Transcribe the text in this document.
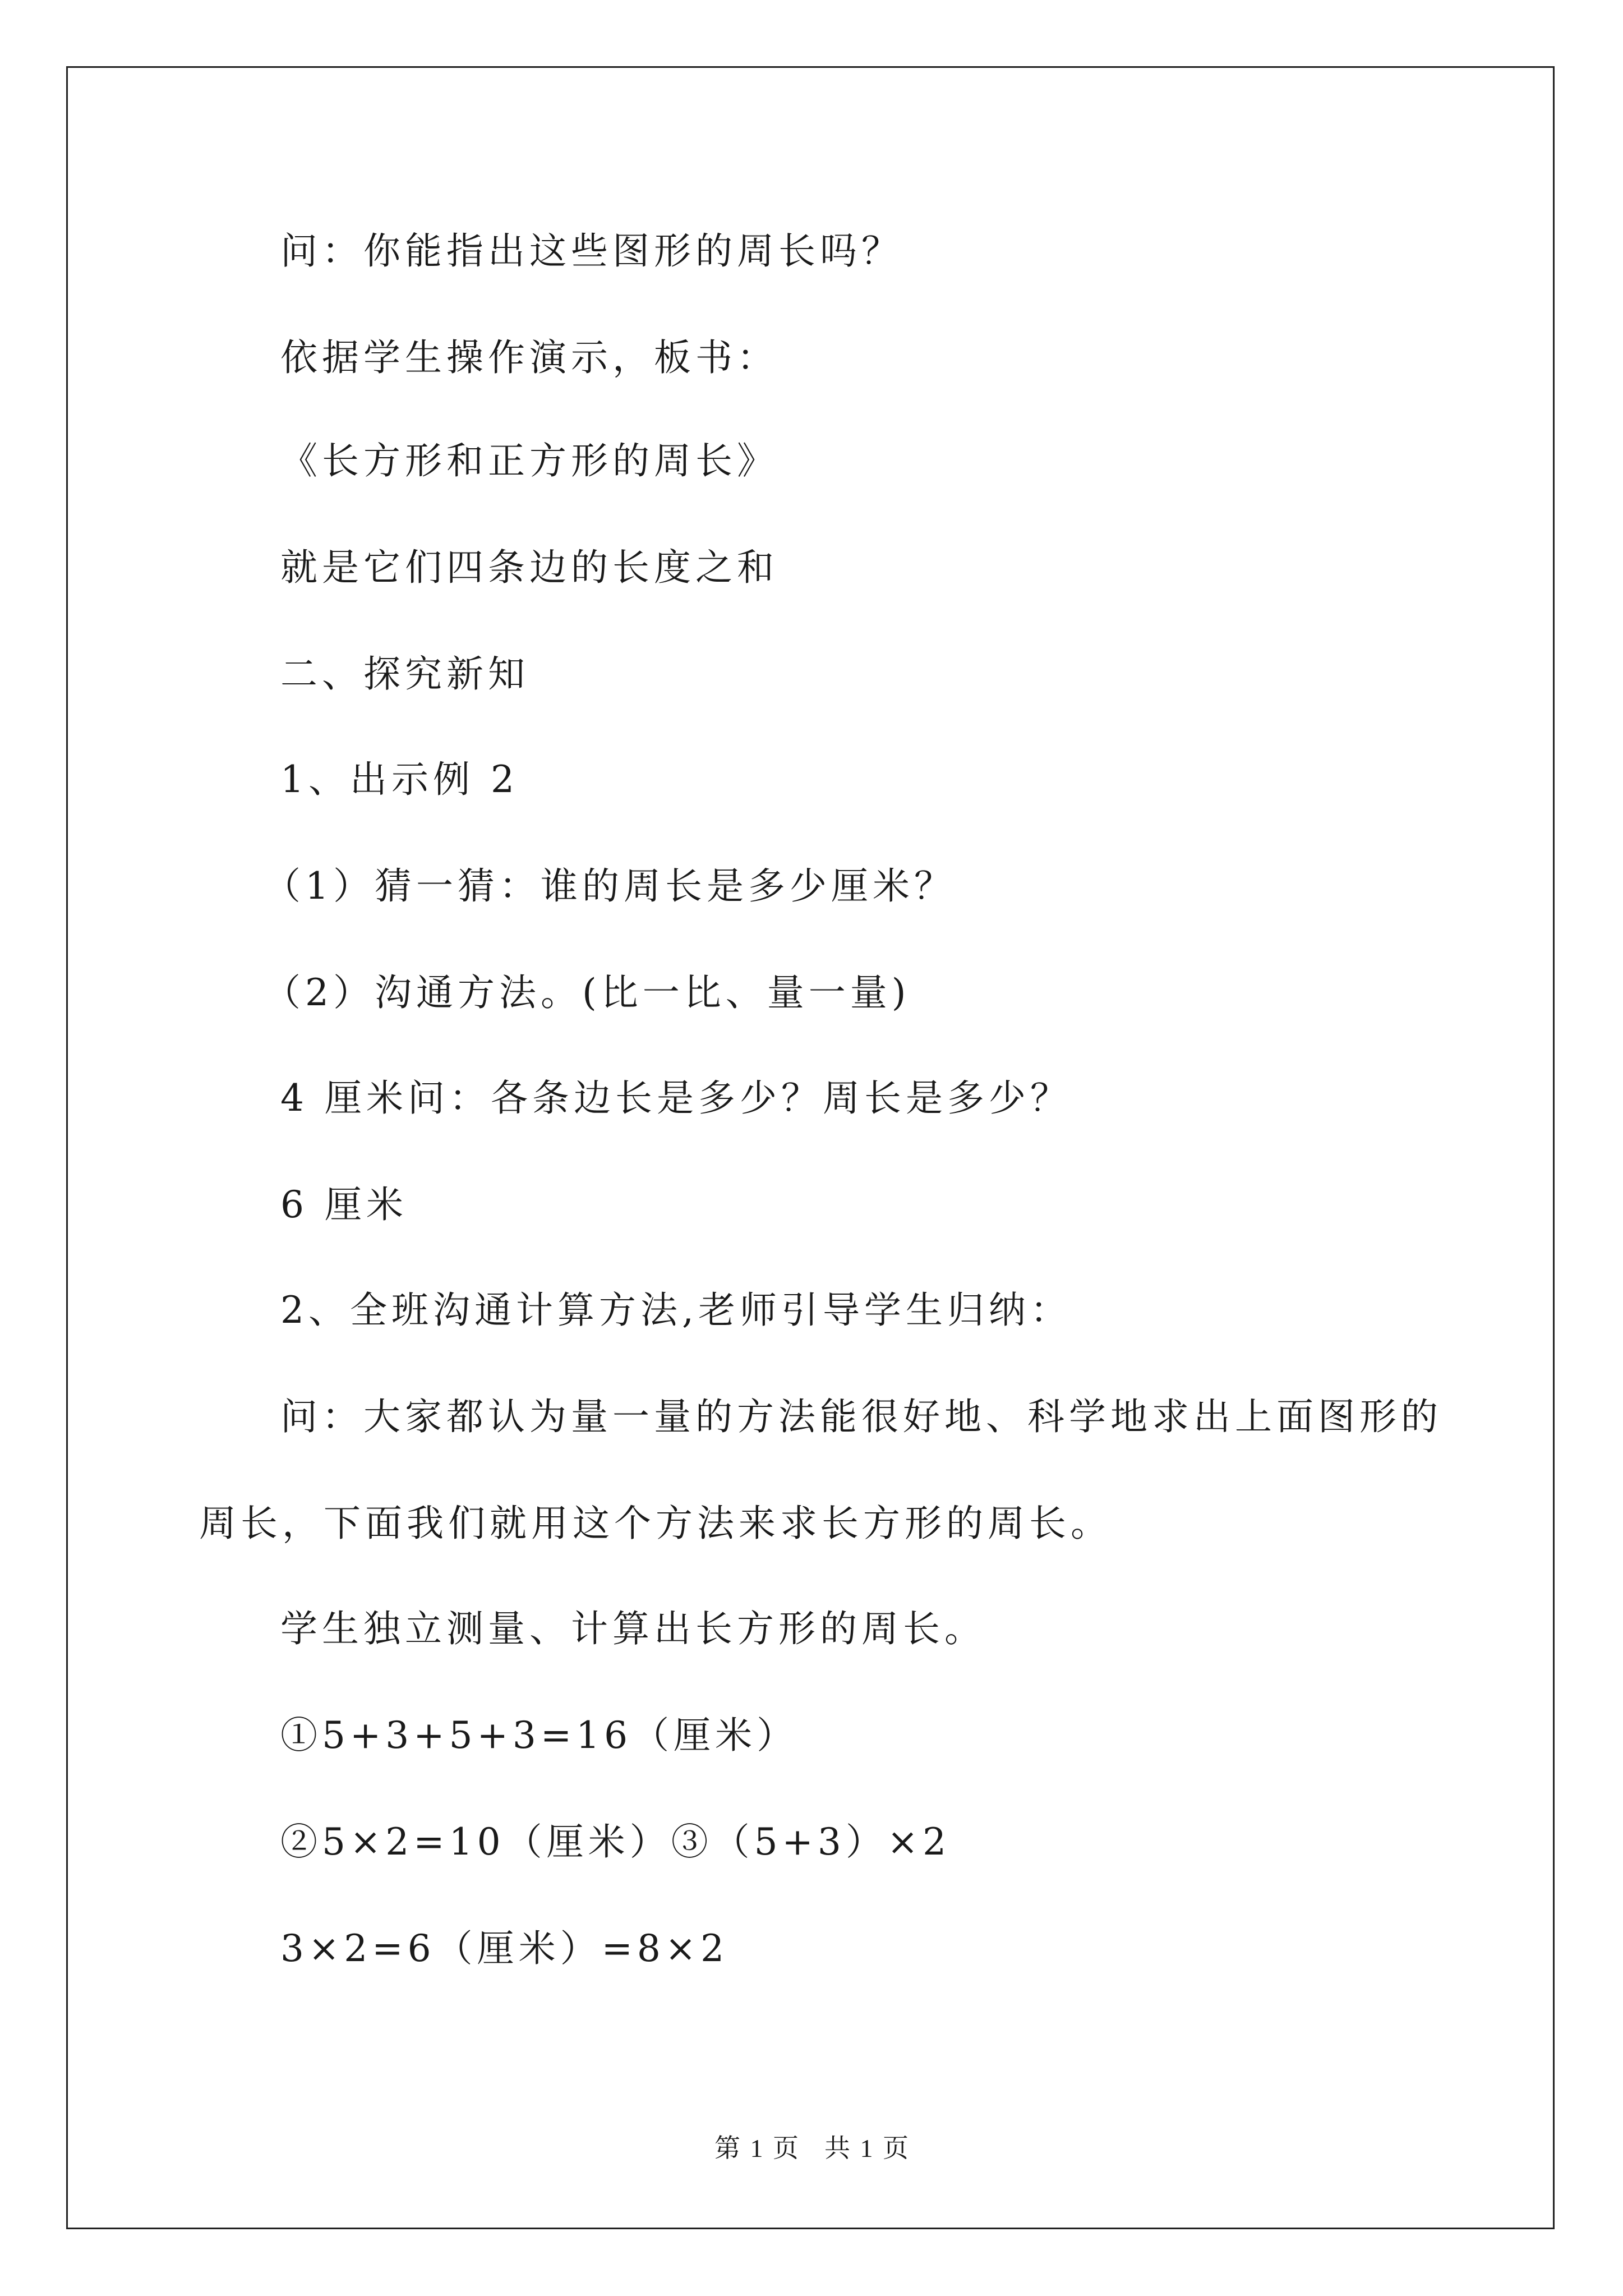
问：你能指出这些图形的周长吗？
依据学生操作演示，板书：
《长方形和正方形的周长》
就是它们四条边的长度之和
二、探究新知
1、出示例 2
（1）猜一猜：谁的周长是多少厘米？
（2）沟通方法。(比一比、量一量)
4 厘米问：各条边长是多少？周长是多少？
6 厘米
2、全班沟通计算方法,老师引导学生归纳：
问：大家都认为量一量的方法能很好地、科学地求出上面图形的
周长，下面我们就用这个方法来求长方形的周长。
学生独立测量、计算出长方形的周长。
①5+3+5+3=16（厘米）
②5×2=10（厘米）③（5+3）×2
3×2=6（厘米）=8×2
第 1 页　共 1 页
